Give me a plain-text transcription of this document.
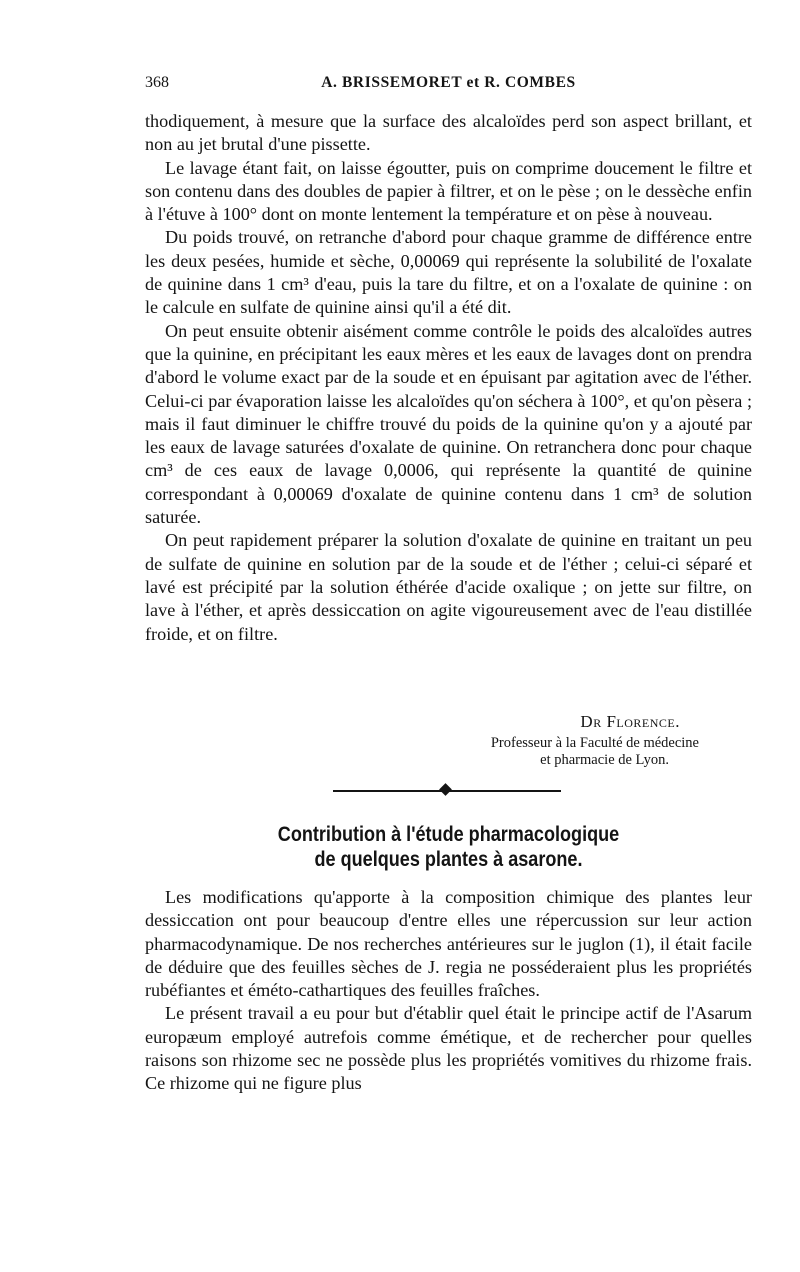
368	A. BRISSEMORET et R. COMBES

thodiquement, à mesure que la surface des alcaloïdes perd son aspect brillant, et non au jet brutal d'une pissette.

Le lavage étant fait, on laisse égoutter, puis on comprime doucement le filtre et son contenu dans des doubles de papier à filtrer, et on le pèse ; on le dessèche enfin à l'étuve à 100° dont on monte lentement la température et on pèse à nouveau.

Du poids trouvé, on retranche d'abord pour chaque gramme de différence entre les deux pesées, humide et sèche, 0,00069 qui représente la solubilité de l'oxalate de quinine dans 1 cm³ d'eau, puis la tare du filtre, et on a l'oxalate de quinine : on le calcule en sulfate de quinine ainsi qu'il a été dit.

On peut ensuite obtenir aisément comme contrôle le poids des alcaloïdes autres que la quinine, en précipitant les eaux mères et les eaux de lavages dont on prendra d'abord le volume exact par de la soude et en épuisant par agitation avec de l'éther. Celui-ci par évaporation laisse les alcaloïdes qu'on séchera à 100°, et qu'on pèsera ; mais il faut diminuer le chiffre trouvé du poids de la quinine qu'on y a ajouté par les eaux de lavage saturées d'oxalate de quinine. On retranchera donc pour chaque cm³ de ces eaux de lavage 0,0006, qui représente la quantité de quinine correspondant à 0,00069 d'oxalate de quinine contenu dans 1 cm³ de solution saturée.

On peut rapidement préparer la solution d'oxalate de quinine en traitant un peu de sulfate de quinine en solution par de la soude et de l'éther ; celui-ci séparé et lavé est précipité par la solution éthérée d'acide oxalique ; on jette sur filtre, on lave à l'éther, et après dessiccation on agite vigoureusement avec de l'eau distillée froide, et on filtre.

Dr Florence.
Professeur à la Faculté de médecine
et pharmacie de Lyon.
Contribution à l'étude pharmacologique
de quelques plantes à asarone.

Les modifications qu'apporte à la composition chimique des plantes leur dessiccation ont pour beaucoup d'entre elles une répercussion sur leur action pharmacodynamique. De nos recherches antérieures sur le juglon (1), il était facile de déduire que des feuilles sèches de J. regia ne posséderaient plus les propriétés rubéfiantes et éméto-cathartiques des feuilles fraîches.

Le présent travail a eu pour but d'établir quel était le principe actif de l'Asarum europæum employé autrefois comme émétique, et de rechercher pour quelles raisons son rhizome sec ne possède plus les propriétés vomitives du rhizome frais. Ce rhizome qui ne figure plus
